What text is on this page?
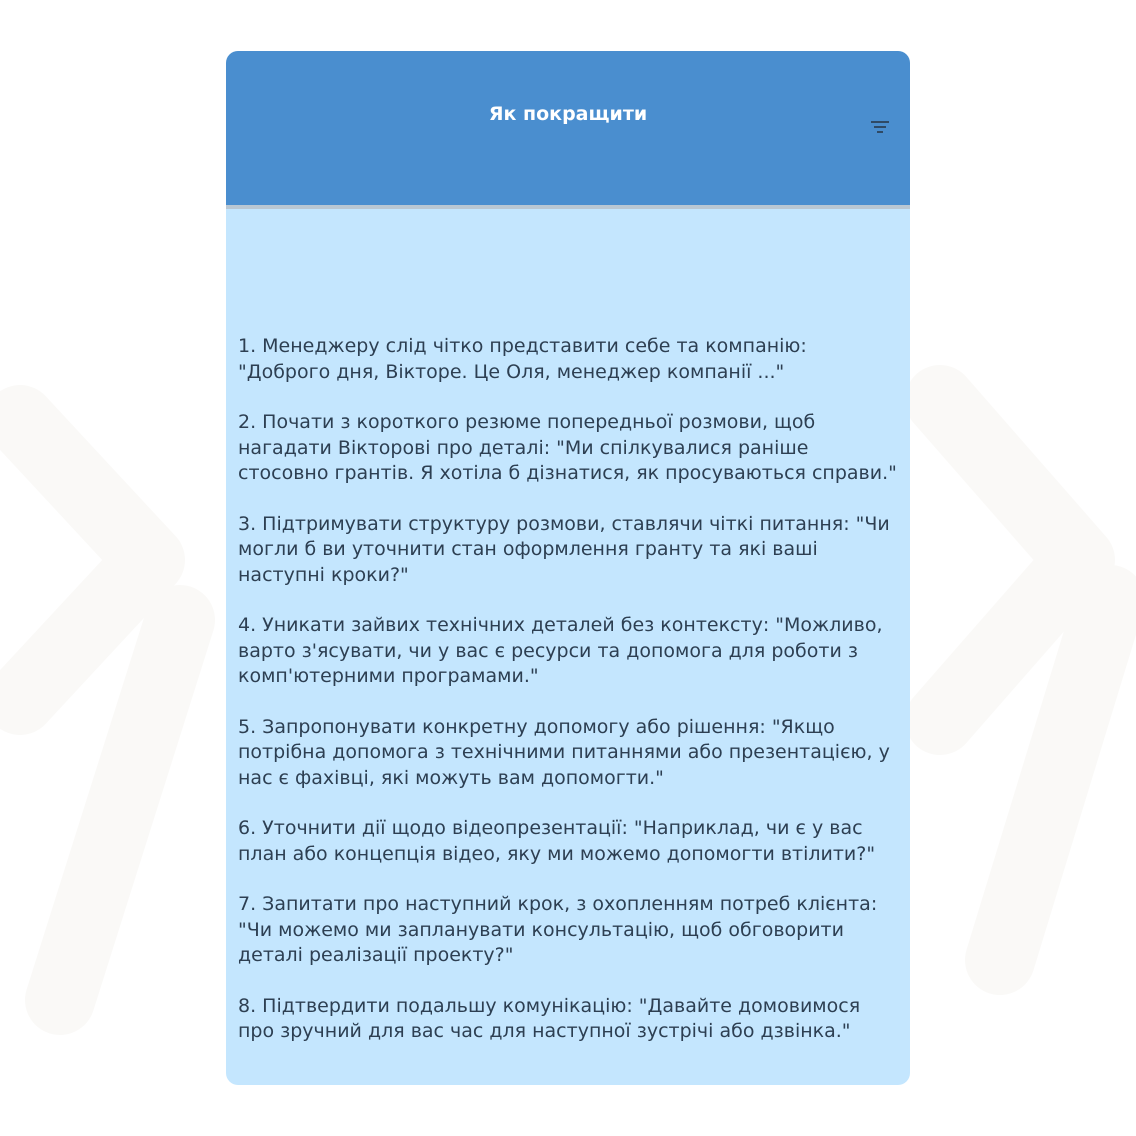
Як покращити

1. Менеджеру слід чітко представити себе та компанію: "Доброго дня, Вікторе. Це Оля, менеджер компанії ..."

2. Почати з короткого резюме попередньої розмови, щоб нагадати Вікторові про деталі: "Ми спілкувалися раніше стосовно грантів. Я хотіла б дізнатися, як просуваються справи."

3. Підтримувати структуру розмови, ставлячи чіткі питання: "Чи могли б ви уточнити стан оформлення гранту та які ваші наступні кроки?"

4. Уникати зайвих технічних деталей без контексту: "Можливо, варто з'ясувати, чи у вас є ресурси та допомога для роботи з комп'ютерними програмами."

5. Запропонувати конкретну допомогу або рішення: "Якщо потрібна допомога з технічними питаннями або презентацією, у нас є фахівці, які можуть вам допомогти."

6. Уточнити дії щодо відеопрезентації: "Наприклад, чи є у вас план або концепція відео, яку ми можемо допомогти втілити?"

7. Запитати про наступний крок, з охопленням потреб клієнта: "Чи можемо ми запланувати консультацію, щоб обговорити деталі реалізації проекту?"

8. Підтвердити подальшу комунікацію: "Давайте домовимося про зручний для вас час для наступної зустрічі або дзвінка."
